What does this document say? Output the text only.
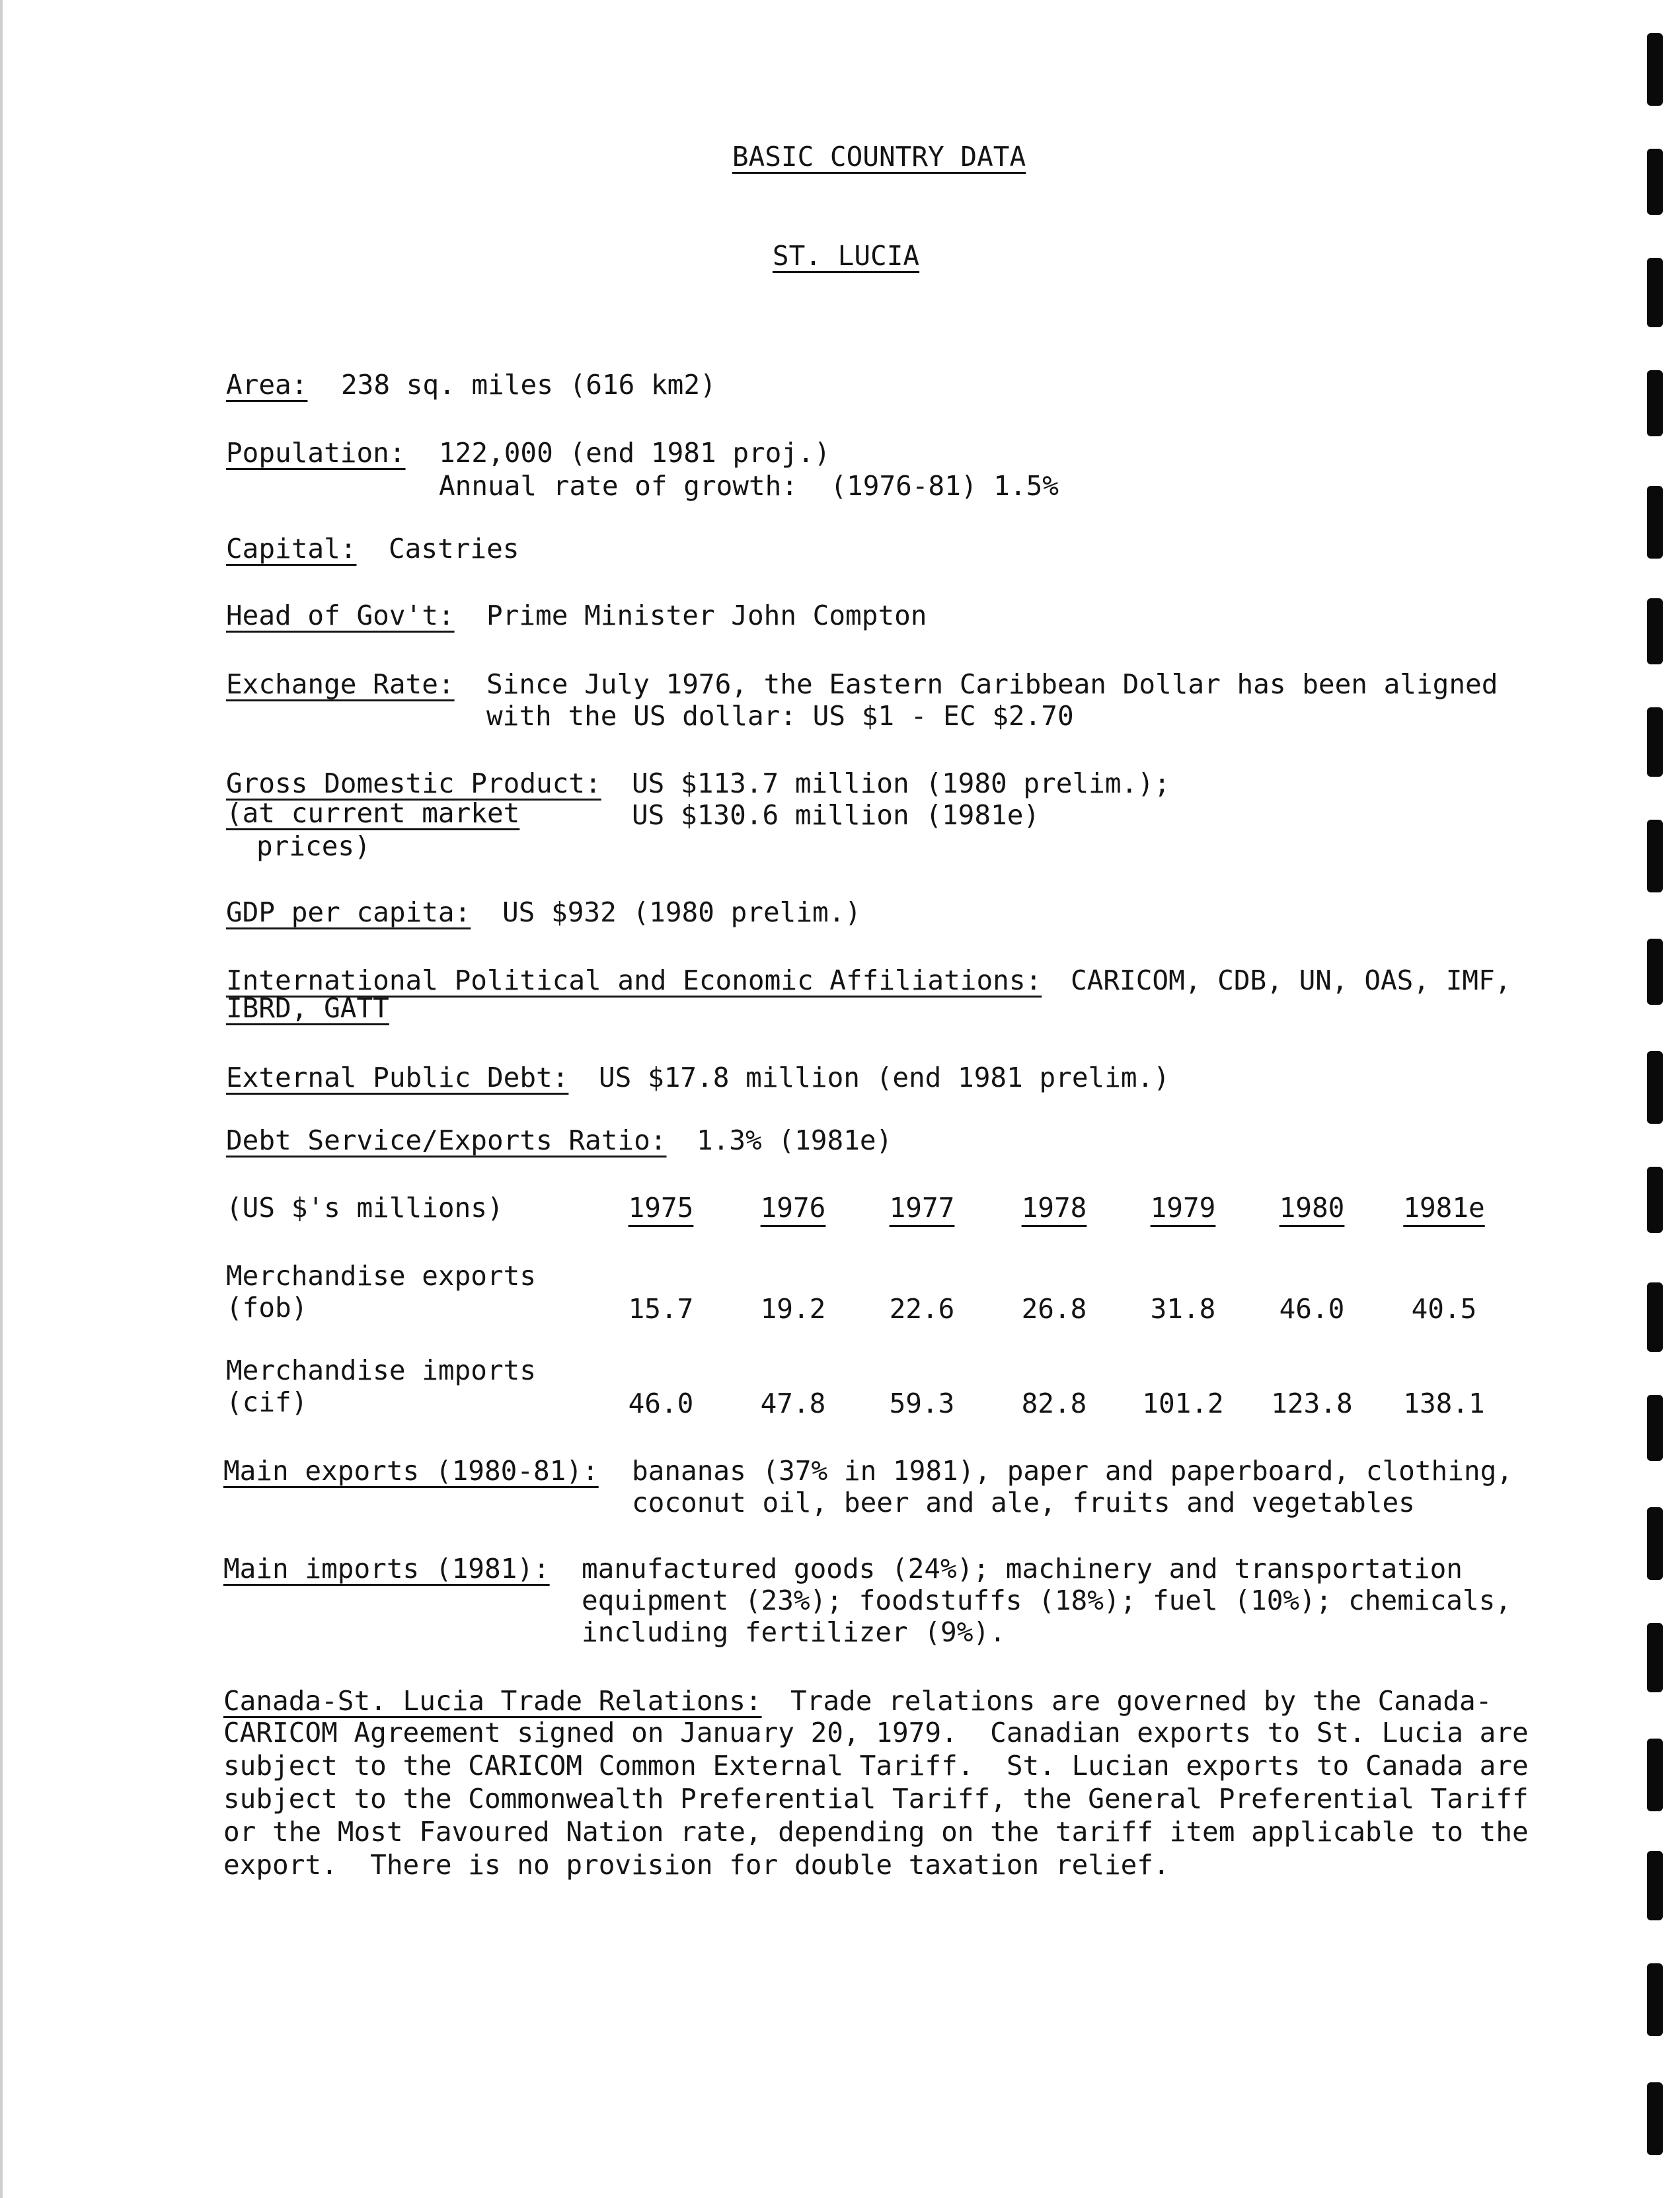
BASIC COUNTRY DATA
ST. LUCIA
Area: 238 sq. miles (616 km2)
Population: 122,000 (end 1981 proj.)
Annual rate of growth:  (1976-81) 1.5%
Capital: Castries
Head of Gov't: Prime Minister John Compton
Exchange Rate: Since July 1976, the Eastern Caribbean Dollar has been aligned
with the US dollar: US $1 - EC $2.70
Gross Domestic Product:
(at current market
prices)
US $113.7 million (1980 prelim.);
US $130.6 million (1981e)
GDP per capita: US $932 (1980 prelim.)
International Political and Economic Affiliations: CARICOM, CDB, UN, OAS, IMF,
IBRD, GATT
External Public Debt: US $17.8 million (end 1981 prelim.)
Debt Service/Exports Ratio: 1.3% (1981e)
(US $'s millions)	1975	1976	1977	1978	1979	1980	1981e
Merchandise exports
(fob)	15.7	19.2	22.6	26.8	31.8	46.0	40.5
Merchandise imports
(cif)	46.0	47.8	59.3	82.8	101.2	123.8	138.1
Main exports (1980-81): bananas (37% in 1981), paper and paperboard, clothing,
coconut oil, beer and ale, fruits and vegetables
Main imports (1981): manufactured goods (24%); machinery and transportation
equipment (23%); foodstuffs (18%); fuel (10%); chemicals,
including fertilizer (9%).
Canada-St. Lucia Trade Relations: Trade relations are governed by the Canada-
CARICOM Agreement signed on January 20, 1979.  Canadian exports to St. Lucia are
subject to the CARICOM Common External Tariff.  St. Lucian exports to Canada are
subject to the Commonwealth Preferential Tariff, the General Preferential Tariff
or the Most Favoured Nation rate, depending on the tariff item applicable to the
export.  There is no provision for double taxation relief.
